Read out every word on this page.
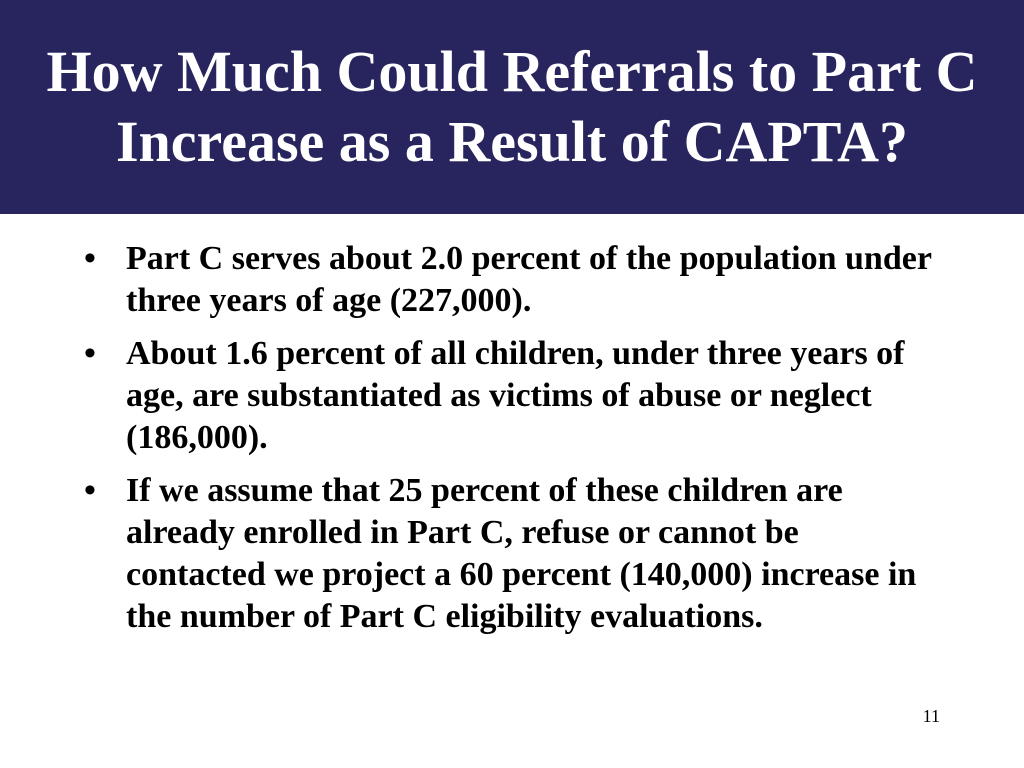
How Much Could Referrals to Part C Increase as a Result of CAPTA?
• Part C serves about 2.0 percent of the population under three years of age (227,000).
• About 1.6 percent of all children, under three years of age, are substantiated as victims of abuse or neglect (186,000).
• If we assume that 25 percent of these children are already enrolled in Part C, refuse or cannot be contacted we project a 60 percent (140,000) increase in the number of Part C eligibility evaluations.
11
